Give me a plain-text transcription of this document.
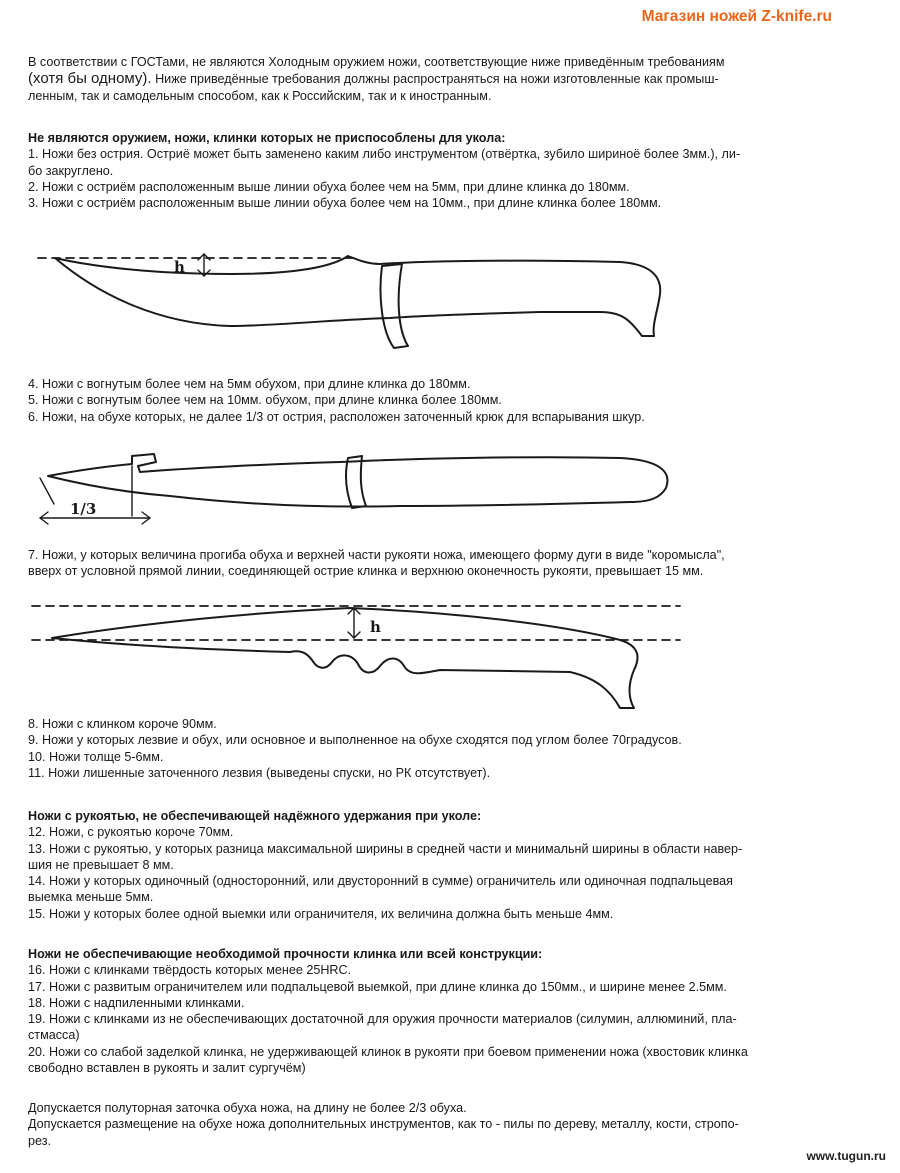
Магазин ножей Z-knife.ru
В соответствии с ГОСТами, не являются Холодным оружием ножи, соответствующие ниже приведённым требованиям
(хотя бы одному). Ниже приведённые требования должны распространяться на ножи изготовленные как промыш-
ленным, так и самодельным способом, как к Российским, так и к иностранным.
Не являются оружием, ножи, клинки которых не приспособлены для укола:
1. Ножи без острия. Остриё может быть заменено каким либо инструментом (отвёртка, зубило шириноё более 3мм.), ли-
бо закруглено.
2. Ножи с остриём расположенным выше линии обуха более чем на 5мм, при длине клинка до 180мм.
3. Ножи с остриём расположенным выше линии обуха более чем на 10мм., при длине клинка более 180мм.
h
4. Ножи с вогнутым более чем на 5мм обухом, при длине клинка до 180мм.
5. Ножи с вогнутым более чем на 10мм. обухом, при длине клинка более 180мм.
6. Ножи, на обухе которых, не далее 1/3 от острия, расположен заточенный крюк для вспарывания шкур.
1/3
7. Ножи, у которых величина прогиба обуха и верхней части рукояти ножа, имеющего форму дуги в виде "коромысла",
вверх от условной прямой линии, соединяющей острие клинка и верхнюю оконечность рукояти, превышает 15 мм.
h
8. Ножи с клинком короче 90мм.
9. Ножи у которых лезвие и обух, или основное и выполненное на обухе сходятся под углом более 70градусов.
10. Ножи толще 5-6мм.
11. Ножи лишенные заточенного лезвия (выведены спуски, но РК отсутствует).
Ножи с рукоятью, не обеспечивающей надёжного удержания при уколе:
12. Ножи, с рукоятью короче 70мм.
13. Ножи с рукоятью, у которых разница максимальной ширины в средней части и минимальнй ширины в области навер-
шия не превышает 8 мм.
14. Ножи у которых одиночный (односторонний, или двусторонний в сумме) ограничитель или одиночная подпальцевая
выемка меньше 5мм.
15. Ножи у которых более одной выемки или ограничителя, их величина должна быть меньше 4мм.
Ножи не обеспечивающие необходимой прочности клинка или всей конструкции:
16. Ножи с клинками твёрдость которых менее 25HRC.
17. Ножи с развитым ограничителем или подпальцевой выемкой, при длине клинка до 150мм., и ширине менее 2.5мм.
18. Ножи с надпиленными клинками.
19. Ножи с клинками из не обеспечивающих достаточной для оружия прочности материалов (силумин, аллюминий, пла-
стмасса)
20. Ножи со слабой заделкой клинка, не удерживающей клинок в рукояти при боевом применении ножа (хвостовик клинка
свободно вставлен в рукоять и залит сургучём)
Допускается полуторная заточка обуха ножа, на длину не более 2/3 обуха.
Допускается размещение на обухе ножа дополнительных инструментов, как то - пилы по дереву, металлу, кости, стропо-
рез.
www.tugun.ru
